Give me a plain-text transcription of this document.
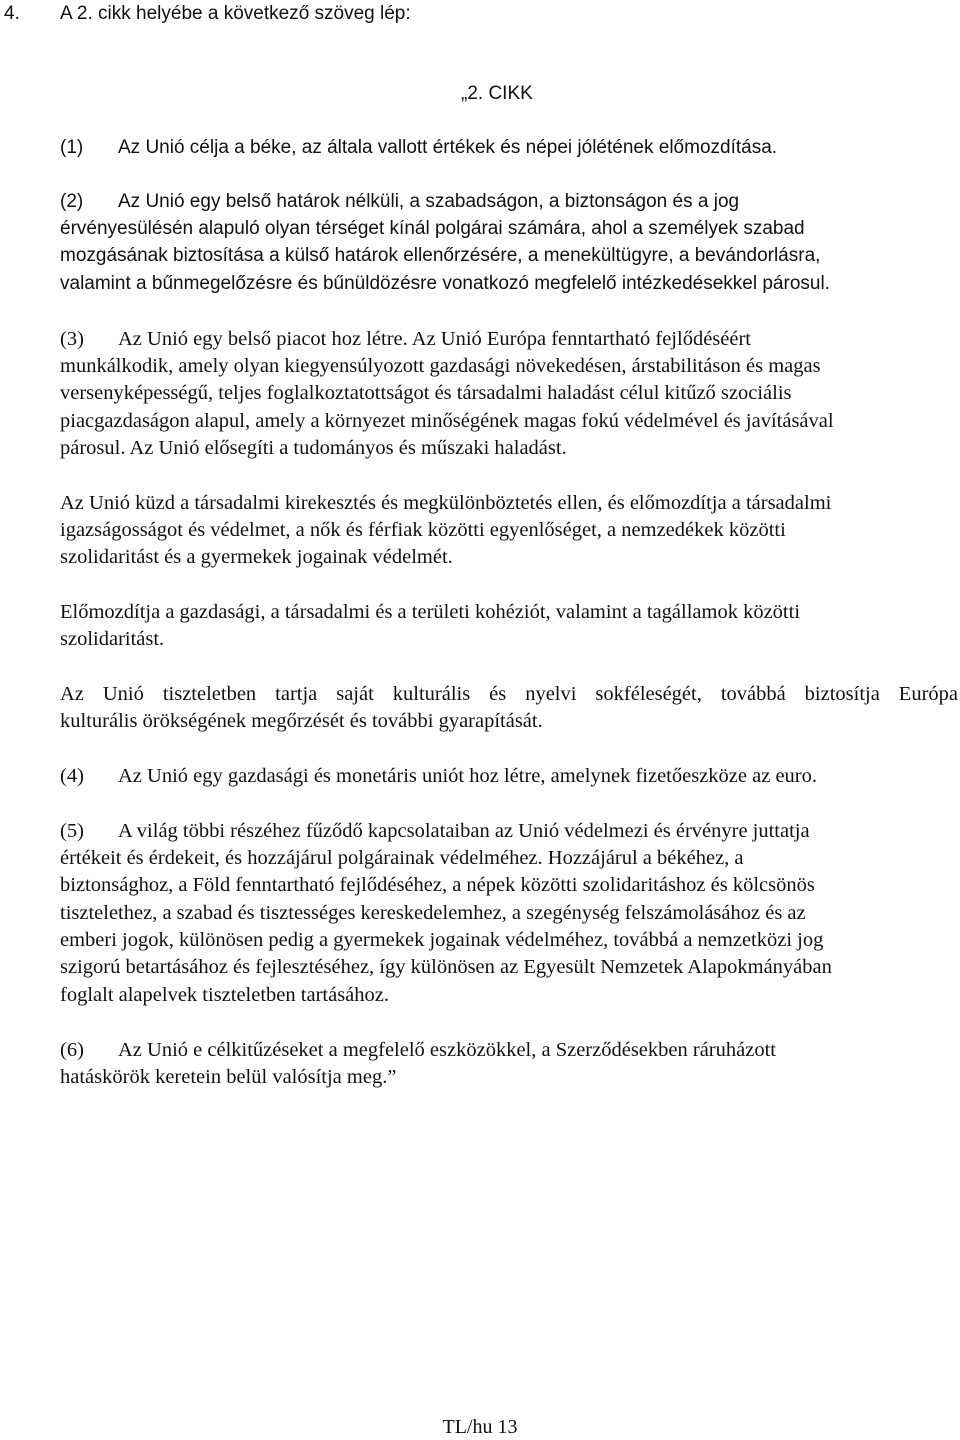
4. A 2. cikk helyébe a következő szöveg lép:

„2. CIKK

(1) Az Unió célja a béke, az általa vallott értékek és népei jólétének előmozdítása.

(2) Az Unió egy belső határok nélküli, a szabadságon, a biztonságon és a jog

érvényesülésén alapuló olyan térséget kínál polgárai számára, ahol a személyek szabad

mozgásának biztosítása a külső határok ellenőrzésére, a menekültügyre, a bevándorlásra,

valamint a bűnmegelőzésre és bűnüldözésre vonatkozó megfelelő intézkedésekkel párosul.

(3) Az Unió egy belső piacot hoz létre. Az Unió Európa fenntartható fejlődéséért

munkálkodik, amely olyan kiegyensúlyozott gazdasági növekedésen, árstabilitáson és magas

versenyképességű, teljes foglalkoztatottságot és társadalmi haladást célul kitűző szociális

piacgazdaságon alapul, amely a környezet minőségének magas fokú védelmével és javításával

párosul. Az Unió elősegíti a tudományos és műszaki haladást.

Az Unió küzd a társadalmi kirekesztés és megkülönböztetés ellen, és előmozdítja a társadalmi

igazságosságot és védelmet, a nők és férfiak közötti egyenlőséget, a nemzedékek közötti

szolidaritást és a gyermekek jogainak védelmét.

Előmozdítja a gazdasági, a társadalmi és a területi kohéziót, valamint a tagállamok közötti

szolidaritást.

Az Unió tiszteletben tartja saját kulturális és nyelvi sokféleségét, továbbá biztosítja Európa

kulturális örökségének megőrzését és további gyarapítását.

(4) Az Unió egy gazdasági és monetáris uniót hoz létre, amelynek fizetőeszköze az euro.

(5) A világ többi részéhez fűződő kapcsolataiban az Unió védelmezi és érvényre juttatja

értékeit és érdekeit, és hozzájárul polgárainak védelméhez. Hozzájárul a békéhez, a

biztonsághoz, a Föld fenntartható fejlődéséhez, a népek közötti szolidaritáshoz és kölcsönös

tisztelethez, a szabad és tisztességes kereskedelemhez, a szegénység felszámolásához és az

emberi jogok, különösen pedig a gyermekek jogainak védelméhez, továbbá a nemzetközi jog

szigorú betartásához és fejlesztéséhez, így különösen az Egyesült Nemzetek Alapokmányában

foglalt alapelvek tiszteletben tartásához.

(6) Az Unió e célkitűzéseket a megfelelő eszközökkel, a Szerződésekben ráruházott

hatáskörök keretein belül valósítja meg.”

TL/hu 13
